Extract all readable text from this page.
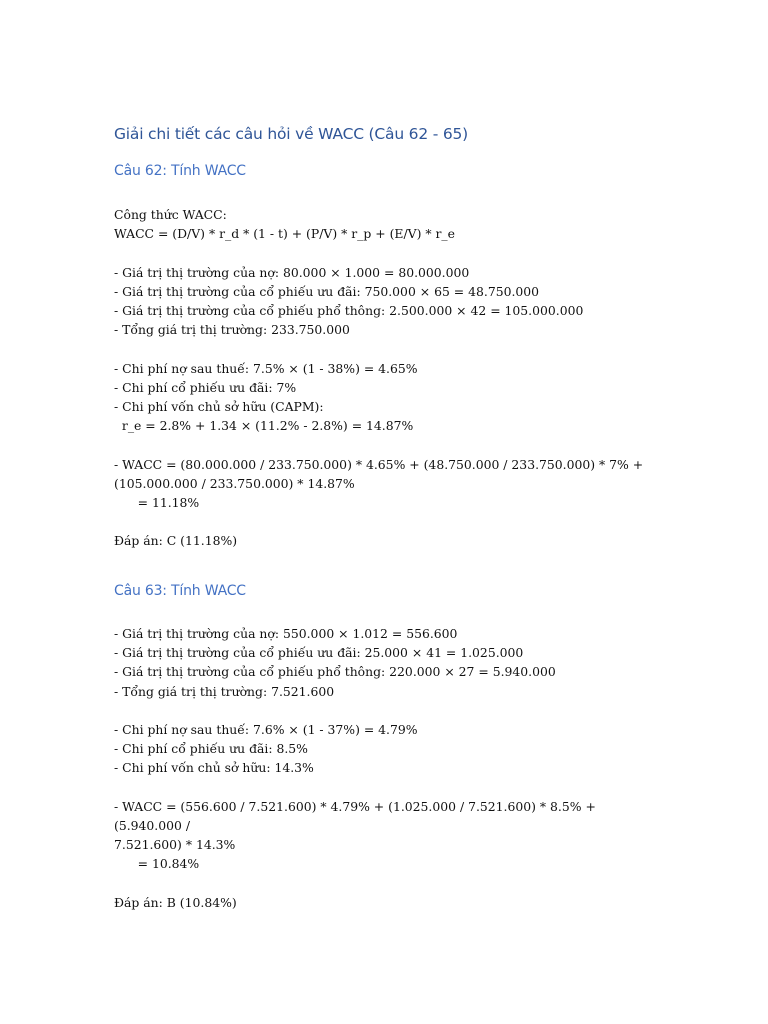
Giải chi tiết các câu hỏi về WACC (Câu 62 - 65)
Câu 62: Tính WACC
Công thức WACC:
WACC = (D/V) * r_d * (1 - t) + (P/V) * r_p + (E/V) * r_e
- Giá trị thị trường của nợ: 80.000 × 1.000 = 80.000.000
- Giá trị thị trường của cổ phiếu ưu đãi: 750.000 × 65 = 48.750.000
- Giá trị thị trường của cổ phiếu phổ thông: 2.500.000 × 42 = 105.000.000
- Tổng giá trị thị trường: 233.750.000
- Chi phí nợ sau thuế: 7.5% × (1 - 38%) = 4.65%
- Chi phí cổ phiếu ưu đãi: 7%
- Chi phí vốn chủ sở hữu (CAPM):
r_e = 2.8% + 1.34 × (11.2% - 2.8%) = 14.87%
- WACC = (80.000.000 / 233.750.000) * 4.65% + (48.750.000 / 233.750.000) * 7% +
(105.000.000 / 233.750.000) * 14.87%
= 11.18%
Đáp án: C (11.18%)
Câu 63: Tính WACC
- Giá trị thị trường của nợ: 550.000 × 1.012 = 556.600
- Giá trị thị trường của cổ phiếu ưu đãi: 25.000 × 41 = 1.025.000
- Giá trị thị trường của cổ phiếu phổ thông: 220.000 × 27 = 5.940.000
- Tổng giá trị thị trường: 7.521.600
- Chi phí nợ sau thuế: 7.6% × (1 - 37%) = 4.79%
- Chi phí cổ phiếu ưu đãi: 8.5%
- Chi phí vốn chủ sở hữu: 14.3%
- WACC = (556.600 / 7.521.600) * 4.79% + (1.025.000 / 7.521.600) * 8.5% + (5.940.000 /
7.521.600) * 14.3%
= 10.84%
Đáp án: B (10.84%)
